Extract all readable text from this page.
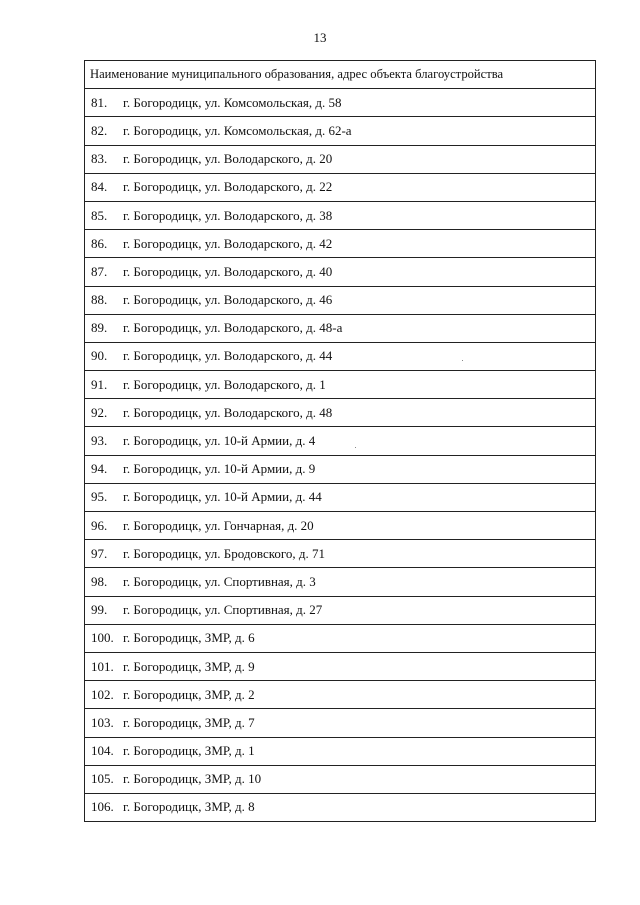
13
Наименование муниципального образования, адрес объекта благоустройства
81. г. Богородицк, ул. Комсомольская, д. 58
82. г. Богородицк, ул. Комсомольская, д. 62-а
83. г. Богородицк, ул. Володарского, д. 20
84. г. Богородицк, ул. Володарского, д. 22
85. г. Богородицк, ул. Володарского, д. 38
86. г. Богородицк, ул. Володарского, д. 42
87. г. Богородицк, ул. Володарского, д. 40
88. г. Богородицк, ул. Володарского, д. 46
89. г. Богородицк, ул. Володарского, д. 48-а
90. г. Богородицк, ул. Володарского, д. 44
91. г. Богородицк, ул. Володарского, д. 1
92. г. Богородицк, ул. Володарского, д. 48
93. г. Богородицк, ул. 10-й Армии, д. 4
94. г. Богородицк, ул. 10-й Армии, д. 9
95. г. Богородицк, ул. 10-й Армии, д. 44
96. г. Богородицк, ул. Гончарная, д. 20
97. г. Богородицк, ул. Бродовского, д. 71
98. г. Богородицк, ул. Спортивная, д. 3
99. г. Богородицк, ул. Спортивная, д. 27
100. г. Богородицк, ЗМР, д. 6
101. г. Богородицк, ЗМР, д. 9
102. г. Богородицк, ЗМР, д. 2
103. г. Богородицк, ЗМР, д. 7
104. г. Богородицк, ЗМР, д. 1
105. г. Богородицк, ЗМР, д. 10
106. г. Богородицк, ЗМР, д. 8
